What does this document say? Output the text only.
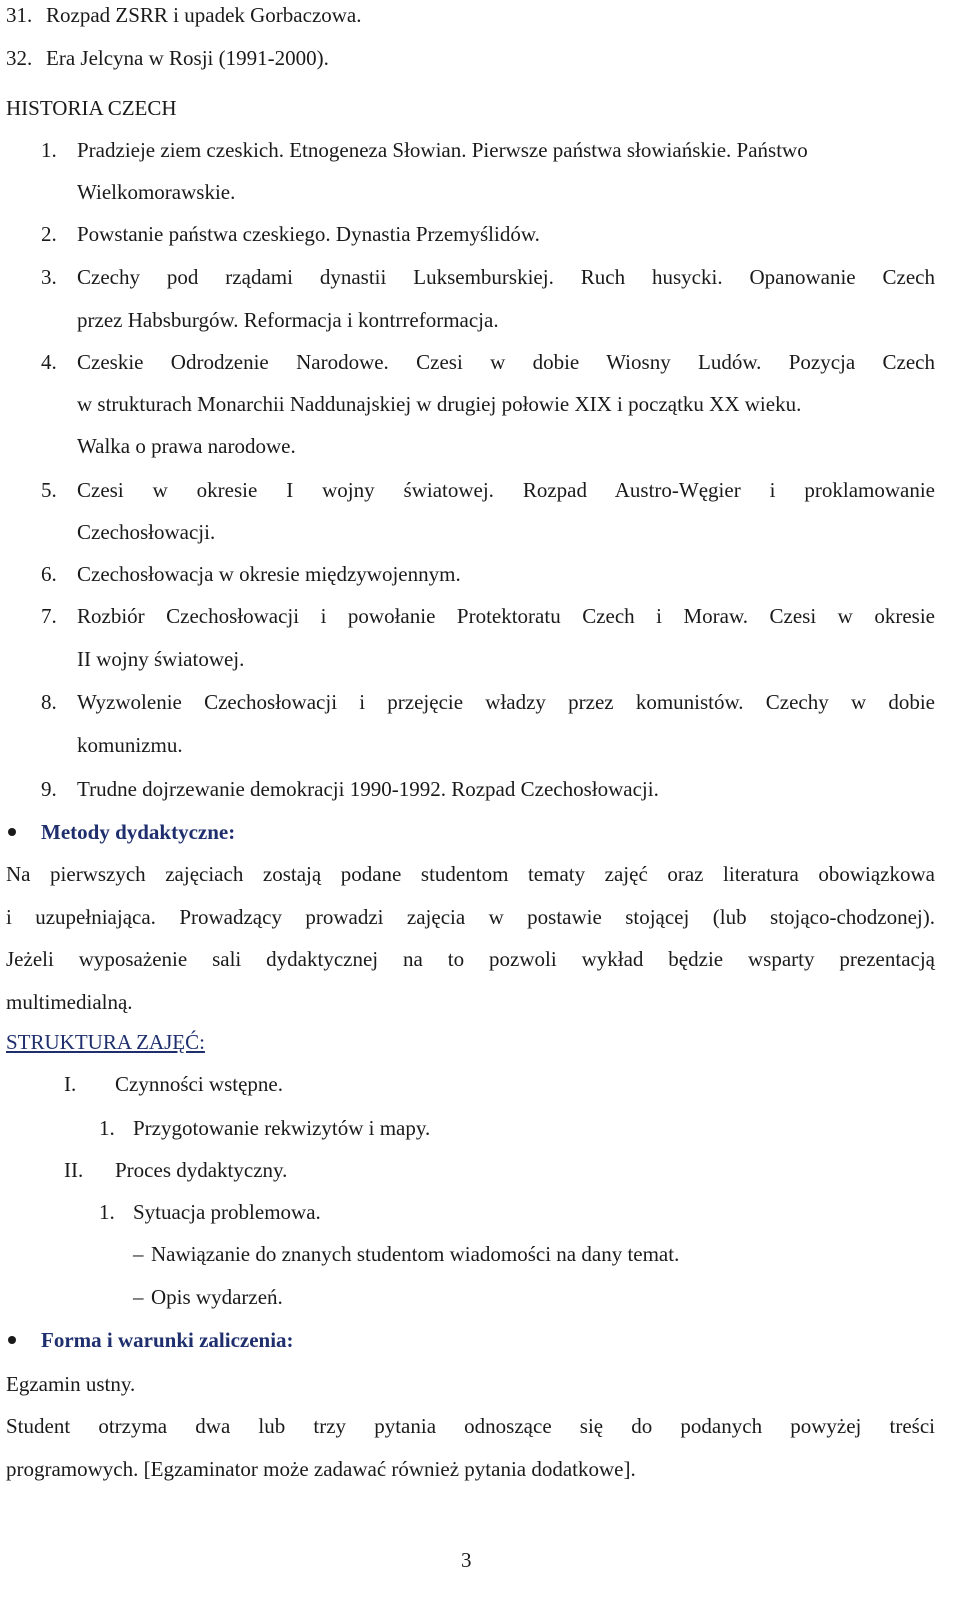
31. Rozpad ZSRR i upadek Gorbaczowa.
32. Era Jelcyna w Rosji (1991-2000).
HISTORIA CZECH
1. Pradzieje ziem czeskich. Etnogeneza Słowian. Pierwsze państwa słowiańskie. Państwo
Wielkomorawskie.
2. Powstanie państwa czeskiego. Dynastia Przemyślidów.
3. Czechy pod rządami dynastii Luksemburskiej. Ruch husycki. Opanowanie Czech
przez Habsburgów. Reformacja i kontrreformacja.
4. Czeskie Odrodzenie Narodowe. Czesi w dobie Wiosny Ludów. Pozycja Czech
w strukturach Monarchii Naddunajskiej w drugiej połowie XIX i początku XX wieku.
Walka o prawa narodowe.
5. Czesi w okresie I wojny światowej. Rozpad Austro-Węgier i proklamowanie
Czechosłowacji.
6. Czechosłowacja w okresie międzywojennym.
7. Rozbiór Czechosłowacji i powołanie Protektoratu Czech i Moraw. Czesi w okresie
II wojny światowej.
8. Wyzwolenie Czechosłowacji i przejęcie władzy przez komunistów. Czechy w dobie
komunizmu.
9. Trudne dojrzewanie demokracji 1990-1992. Rozpad Czechosłowacji.
Metody dydaktyczne:
Na pierwszych zajęciach zostają podane studentom tematy zajęć oraz literatura obowiązkowa
i uzupełniająca. Prowadzący prowadzi zajęcia w postawie stojącej (lub stojąco-chodzonej).
Jeżeli wyposażenie sali dydaktycznej na to pozwoli wykład będzie wsparty prezentacją
multimedialną.
STRUKTURA ZAJĘĆ:
I. Czynności wstępne.
1. Przygotowanie rekwizytów i mapy.
II. Proces dydaktyczny.
1. Sytuacja problemowa.
– Nawiązanie do znanych studentom wiadomości na dany temat.
– Opis wydarzeń.
Forma i warunki zaliczenia:
Egzamin ustny.
Student otrzyma dwa lub trzy pytania odnoszące się do podanych powyżej treści
programowych. [Egzaminator może zadawać również pytania dodatkowe].
3
